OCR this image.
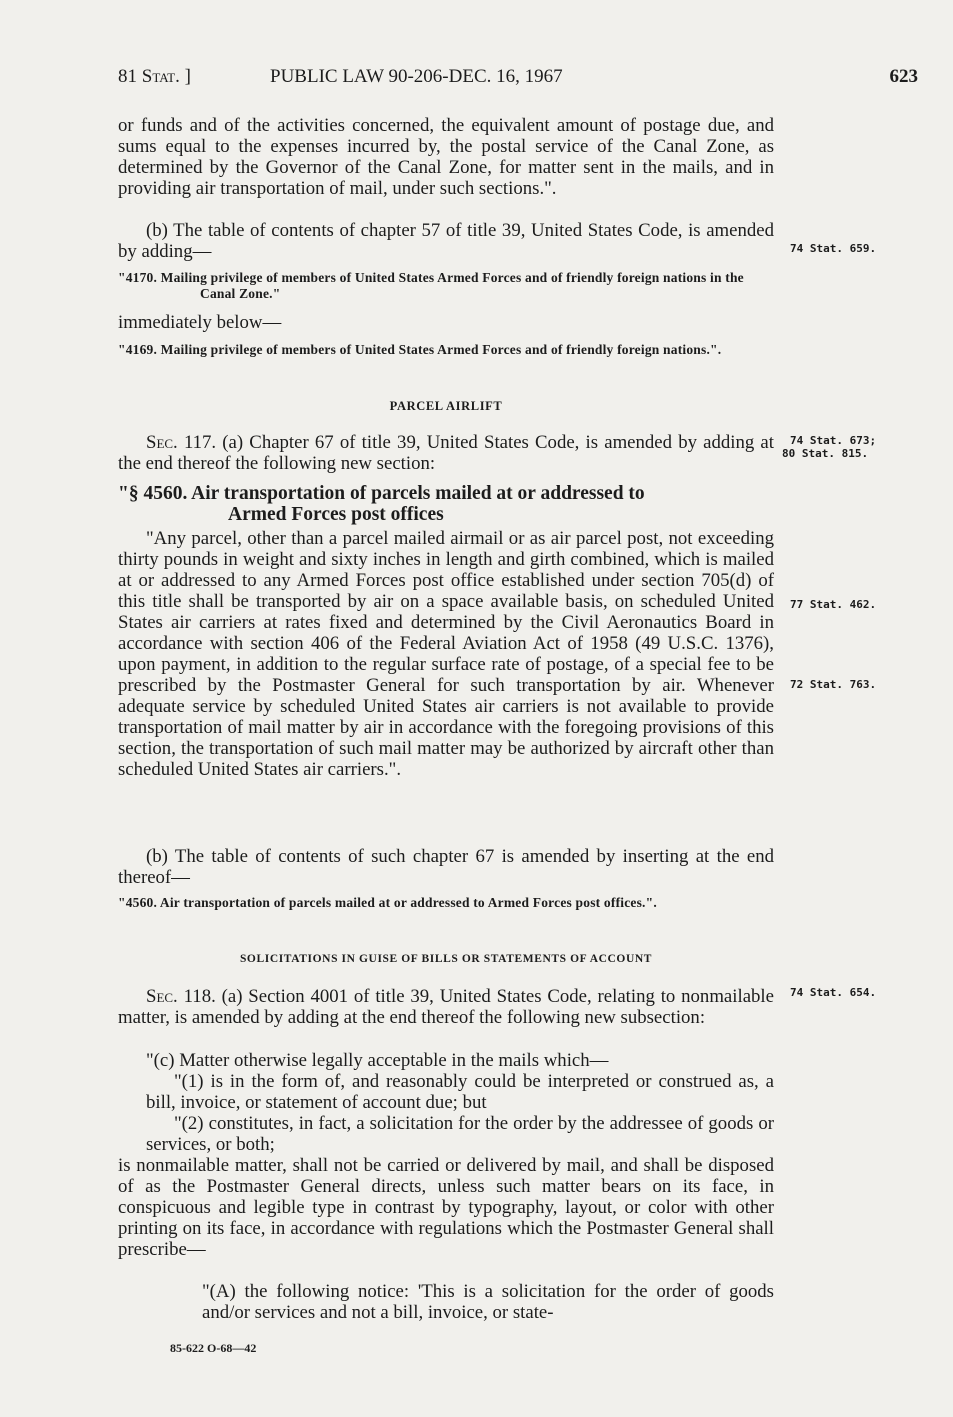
81 Stat. ]	PUBLIC LAW 90-206-DEC. 16, 1967	623

or funds and of the activities concerned, the equivalent amount of postage due, and sums equal to the expenses incurred by, the postal service of the Canal Zone, as determined by the Governor of the Canal Zone, for matter sent in the mails, and in providing air transportation of mail, under such sections.".

(b) The table of contents of chapter 57 of title 39, United States Code, is amended by adding—

"4170. Mailing privilege of members of United States Armed Forces and of friendly foreign nations in the Canal Zone."

immediately below—

"4169. Mailing privilege of members of United States Armed Forces and of friendly foreign nations.".
PARCEL AIRLIFT

Sec. 117. (a) Chapter 67 of title 39, United States Code, is amended by adding at the end thereof the following new section:

"§ 4560. Air transportation of parcels mailed at or addressed to
Armed Forces post offices

"Any parcel, other than a parcel mailed airmail or as air parcel post, not exceeding thirty pounds in weight and sixty inches in length and girth combined, which is mailed at or addressed to any Armed Forces post office established under section 705(d) of this title shall be transported by air on a space available basis, on scheduled United States air carriers at rates fixed and determined by the Civil Aeronautics Board in accordance with section 406 of the Federal Aviation Act of 1958 (49 U.S.C. 1376), upon payment, in addition to the regular surface rate of postage, of a special fee to be prescribed by the Postmaster General for such transportation by air. Whenever adequate service by scheduled United States air carriers is not available to provide transportation of mail matter by air in accordance with the foregoing provisions of this section, the transportation of such mail matter may be authorized by aircraft other than scheduled United States air carriers.".

(b) The table of contents of such chapter 67 is amended by inserting at the end thereof—

"4560. Air transportation of parcels mailed at or addressed to Armed Forces post offices.".
SOLICITATIONS IN GUISE OF BILLS OR STATEMENTS OF ACCOUNT

Sec. 118. (a) Section 4001 of title 39, United States Code, relating to nonmailable matter, is amended by adding at the end thereof the following new subsection:

"(c) Matter otherwise legally acceptable in the mails which—

"(1) is in the form of, and reasonably could be interpreted or construed as, a bill, invoice, or statement of account due; but

"(2) constitutes, in fact, a solicitation for the order by the addressee of goods or services, or both;

is nonmailable matter, shall not be carried or delivered by mail, and shall be disposed of as the Postmaster General directs, unless such matter bears on its face, in conspicuous and legible type in contrast by typography, layout, or color with other printing on its face, in accordance with regulations which the Postmaster General shall prescribe—

"(A) the following notice: 'This is a solicitation for the order of goods and/or services and not a bill, invoice, or state-

74 Stat. 659.
74 Stat. 673;
80 Stat. 815.
77 Stat. 462.
72 Stat. 763.
74 Stat. 654.
85-622 O-68—42
